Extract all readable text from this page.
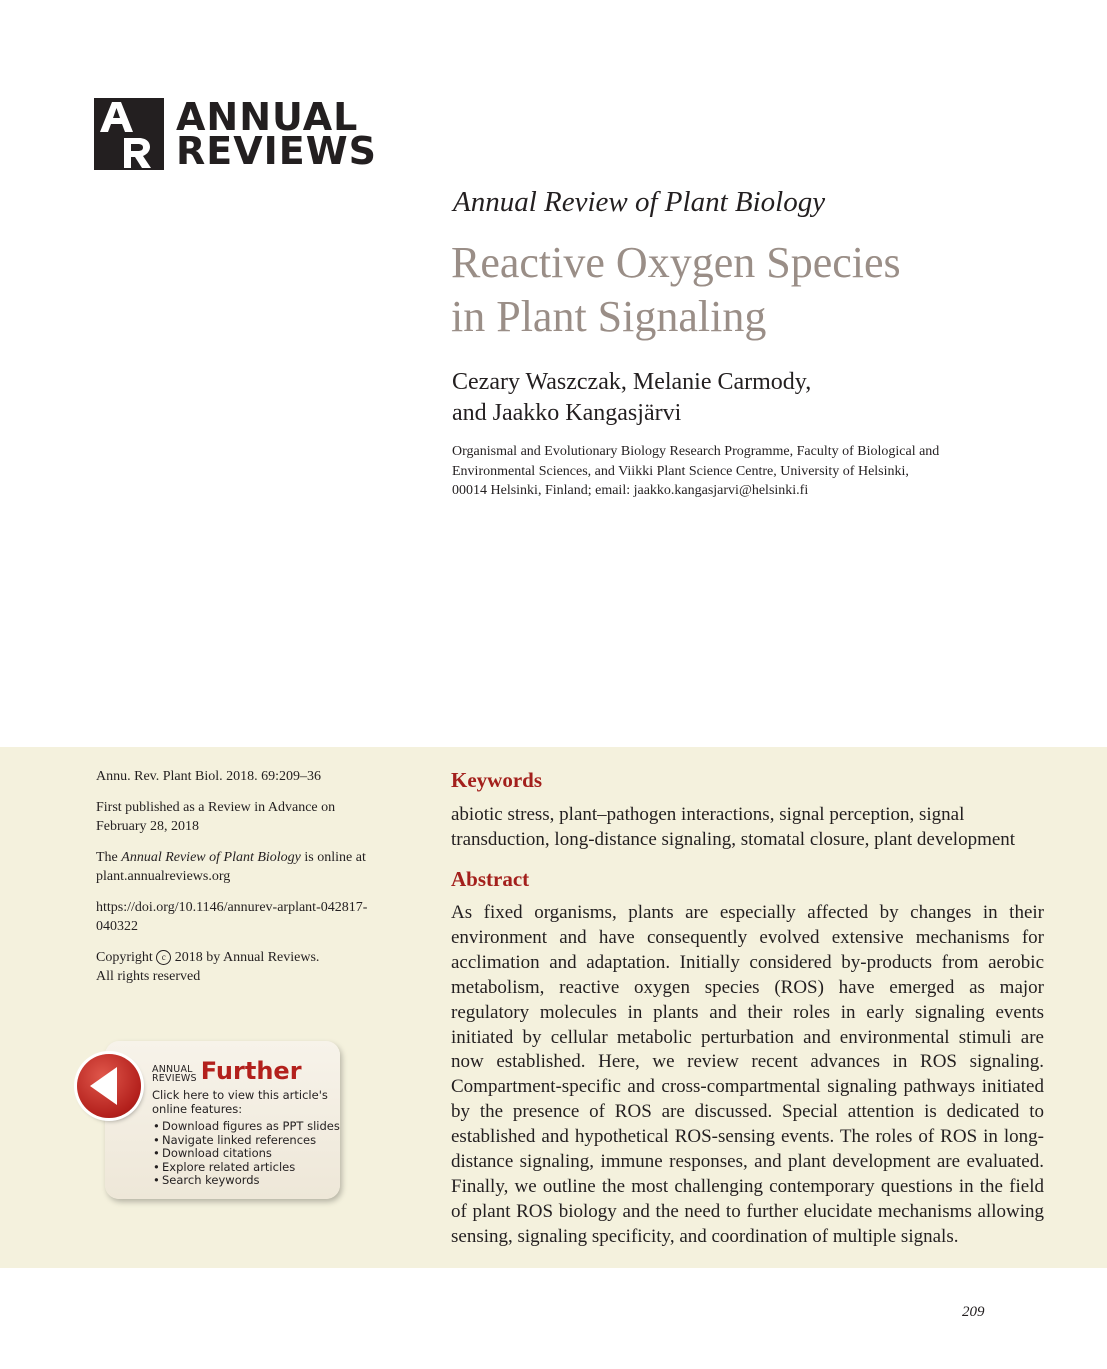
ANNUAL
REVIEWS
Annual Review of Plant Biology
Reactive Oxygen Species
in Plant Signaling
Cezary Waszczak, Melanie Carmody,
and Jaakko Kangasjärvi
Organismal and Evolutionary Biology Research Programme, Faculty of Biological and
Environmental Sciences, and Viikki Plant Science Centre, University of Helsinki,
00014 Helsinki, Finland; email: jaakko.kangasjarvi@helsinki.fi

Annu. Rev. Plant Biol. 2018. 69:209–36

First published as a Review in Advance on
February 28, 2018

The Annual Review of Plant Biology is online at
plant.annualreviews.org

https://doi.org/10.1146/annurev-arplant-042817-
040322

Copyright c 2018 by Annual Reviews.
All rights reserved

ANNUAL
REVIEWS Further
Click here to view this article's
online features:
• Download figures as PPT slides
• Navigate linked references
• Download citations
• Explore related articles
• Search keywords
Keywords
abiotic stress, plant–pathogen interactions, signal perception, signal transduction, long-distance signaling, stomatal closure, plant development
Abstract
As fixed organisms, plants are especially affected by changes in their environment and have consequently evolved extensive mechanisms for acclimation and adaptation. Initially considered by-products from aerobic metabolism, reactive oxygen species (ROS) have emerged as major regulatory molecules in plants and their roles in early signaling events initiated by cellular metabolic perturbation and environmental stimuli are now established. Here, we review recent advances in ROS signaling. Compartment-specific and cross-compartmental signaling pathways initiated by the presence of ROS are discussed. Special attention is dedicated to established and hypothetical ROS-sensing events. The roles of ROS in long-distance signaling, immune responses, and plant development are evaluated. Finally, we outline the most challenging contemporary questions in the field of plant ROS biology and the need to further elucidate mechanisms allowing sensing, signaling specificity, and coordination of multiple signals.
209
